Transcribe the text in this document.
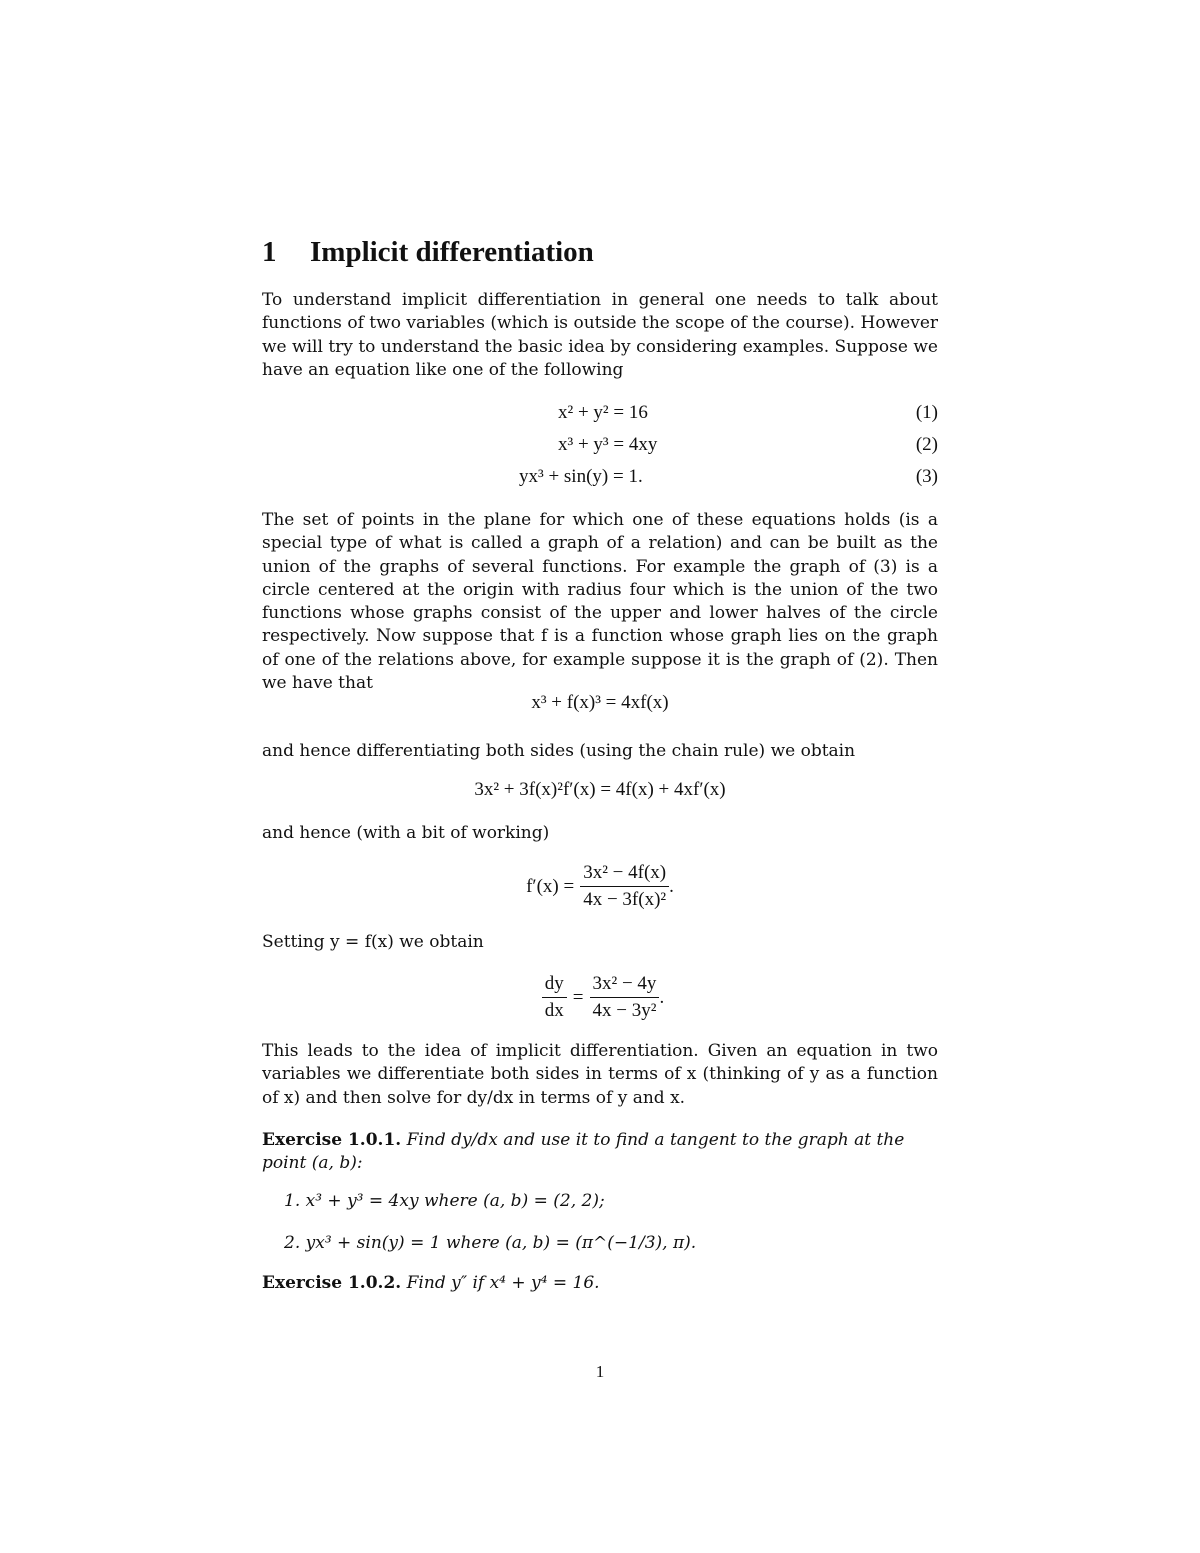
1 Implicit differentiation

To understand implicit differentiation in general one needs to talk about functions of two variables (which is outside the scope of the course). However we will try to understand the basic idea by considering examples. Suppose we have an equation like one of the following

x² + y² = 16	(1)
x³ + y³ = 4xy	(2)
yx³ + sin(y) = 1.	(3)

The set of points in the plane for which one of these equations holds (is a special type of what is called a graph of a relation) and can be built as the union of the graphs of several functions. For example the graph of (3) is a circle centered at the origin with radius four which is the union of the two functions whose graphs consist of the upper and lower halves of the circle respectively. Now suppose that f is a function whose graph lies on the graph of one of the relations above, for example suppose it is the graph of (2). Then we have that

x³ + f(x)³ = 4xf(x)

and hence differentiating both sides (using the chain rule) we obtain

3x² + 3f(x)²f′(x) = 4f(x) + 4xf′(x)

and hence (with a bit of working)

$f'(x) = \frac{\text{3x² − 4f(x)}}{\text{4x − 3f(x)²}}$ .

Setting y = f(x) we obtain

$\frac{dy}{dx} = \frac{\text{3x² − 4y}}{\text{4x − 3y²}}$ .

This leads to the idea of implicit differentiation. Given an equation in two variables we differentiate both sides in terms of x (thinking of y as a function of x) and then solve for dy/dx in terms of y and x.

Exercise 1.0.1. Find dy/dx and use it to find a tangent to the graph at the point (a, b):

1. x³ + y³ = 4xy where (a, b) = (2, 2);
2. yx³ + sin(y) = 1 where (a, b) = (π^(−1/3), π).

Exercise 1.0.2. Find y″ if x⁴ + y⁴ = 16.

1
